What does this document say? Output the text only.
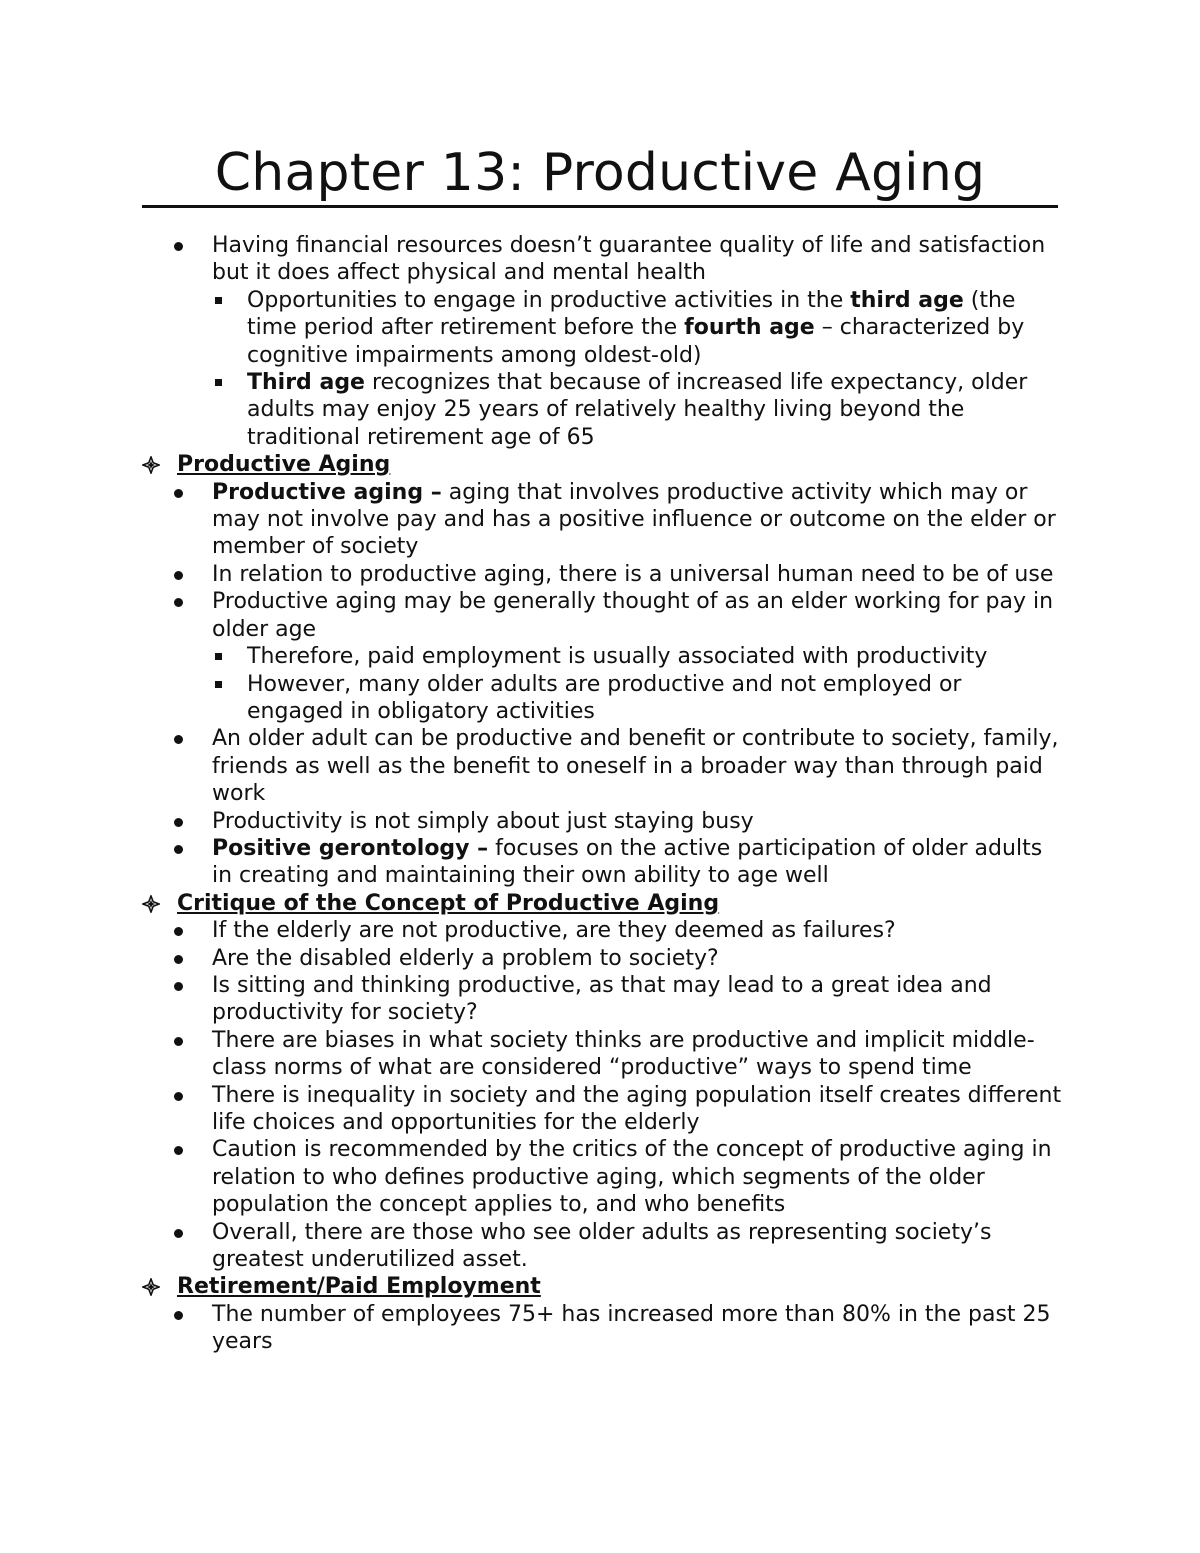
Chapter 13: Productive Aging
Having financial resources doesn’t guarantee quality of life and satisfaction but it does affect physical and mental health
Opportunities to engage in productive activities in the third age (the time period after retirement before the fourth age – characterized by cognitive impairments among oldest-old)
Third age recognizes that because of increased life expectancy, older adults may enjoy 25 years of relatively healthy living beyond the traditional retirement age of 65
Productive Aging
Productive aging – aging that involves productive activity which may or may not involve pay and has a positive influence or outcome on the elder or member of society
In relation to productive aging, there is a universal human need to be of use
Productive aging may be generally thought of as an elder working for pay in older age
Therefore, paid employment is usually associated with productivity
However, many older adults are productive and not employed or engaged in obligatory activities
An older adult can be productive and benefit or contribute to society, family, friends as well as the benefit to oneself in a broader way than through paid work
Productivity is not simply about just staying busy
Positive gerontology – focuses on the active participation of older adults in creating and maintaining their own ability to age well
Critique of the Concept of Productive Aging
If the elderly are not productive, are they deemed as failures?
Are the disabled elderly a problem to society?
Is sitting and thinking productive, as that may lead to a great idea and productivity for society?
There are biases in what society thinks are productive and implicit middle-class norms of what are considered “productive” ways to spend time
There is inequality in society and the aging population itself creates different life choices and opportunities for the elderly
Caution is recommended by the critics of the concept of productive aging in relation to who defines productive aging, which segments of the older population the concept applies to, and who benefits
Overall, there are those who see older adults as representing society’s greatest underutilized asset.
Retirement/Paid Employment
The number of employees 75+ has increased more than 80% in the past 25 years
